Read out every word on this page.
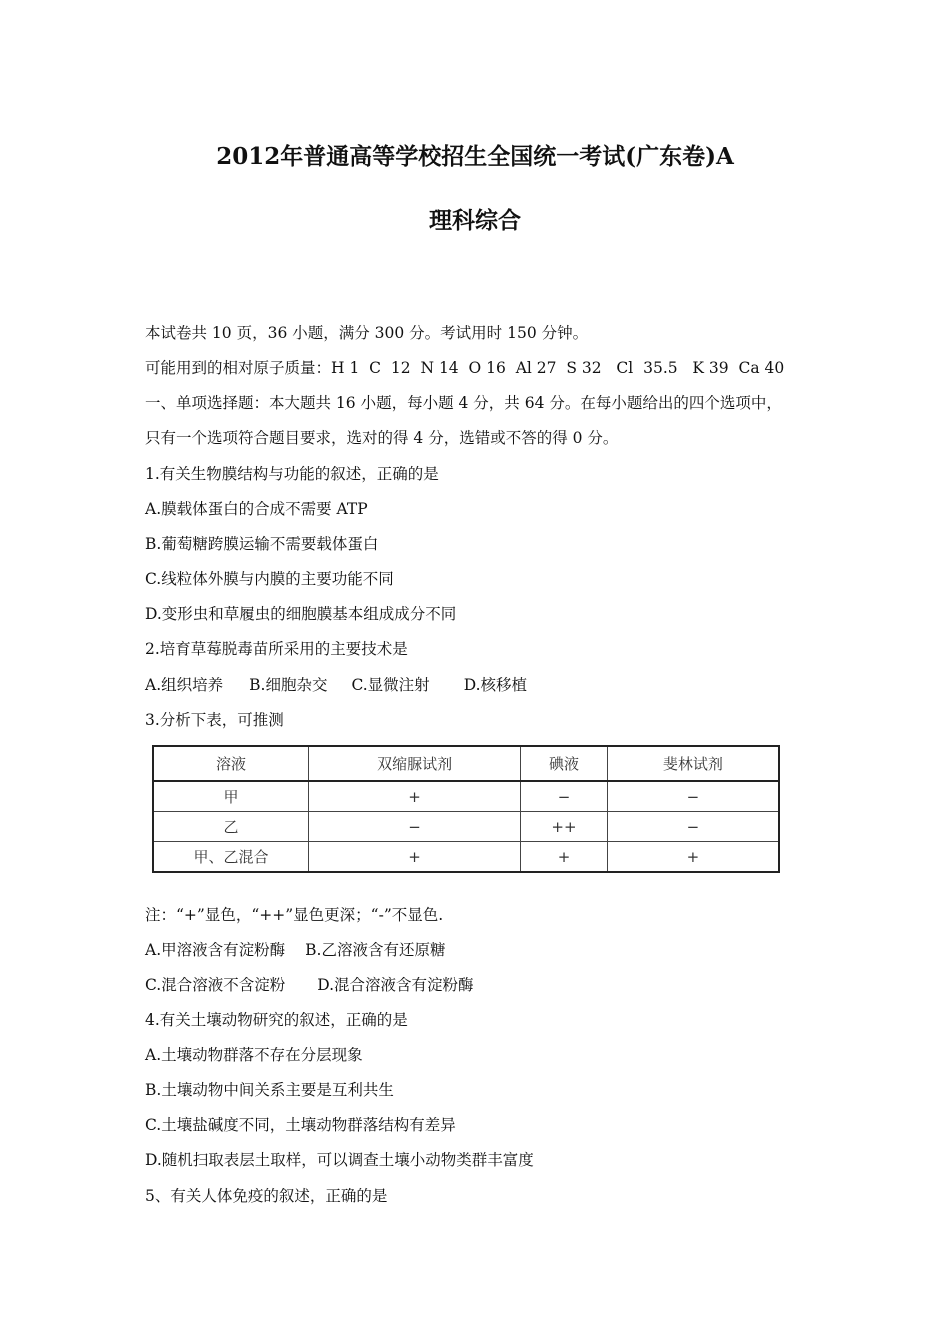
2012年普通高等学校招生全国统一考试(广东卷)A
理科综合
本试卷共 10 页，36 小题，满分 300 分。考试用时 150 分钟。
可能用到的相对原子质量：H 1  C  12  N 14  O 16  Al 27  S 32   Cl  35.5   K 39  Ca 40
一、单项选择题：本大题共 16 小题，每小题 4 分，共 64 分。在每小题给出的四个选项中，
只有一个选项符合题目要求，选对的得 4 分，选错或不答的得 0 分。
1.有关生物膜结构与功能的叙述，正确的是
A.膜载体蛋白的合成不需要 ATP
B.葡萄糖跨膜运输不需要载体蛋白
C.线粒体外膜与内膜的主要功能不同
D.变形虫和草履虫的细胞膜基本组成成分不同
2.培育草莓脱毒苗所采用的主要技术是
A.组织培养 B.细胞杂交 C.显微注射 D.核移植
3.分析下表，可推测
溶液	双缩脲试剂	碘液	斐林试剂
甲	+	−	−
乙	−	++	−
甲、乙混合	+	+	+
注：“+”显色，“++”显色更深；“-”不显色.
A.甲溶液含有淀粉酶 B.乙溶液含有还原糖
C.混合溶液不含淀粉 D.混合溶液含有淀粉酶
4.有关土壤动物研究的叙述，正确的是
A.土壤动物群落不存在分层现象
B.土壤动物中间关系主要是互利共生
C.土壤盐碱度不同，土壤动物群落结构有差异
D.随机扫取表层土取样，可以调查土壤小动物类群丰富度
5、有关人体免疫的叙述，正确的是
